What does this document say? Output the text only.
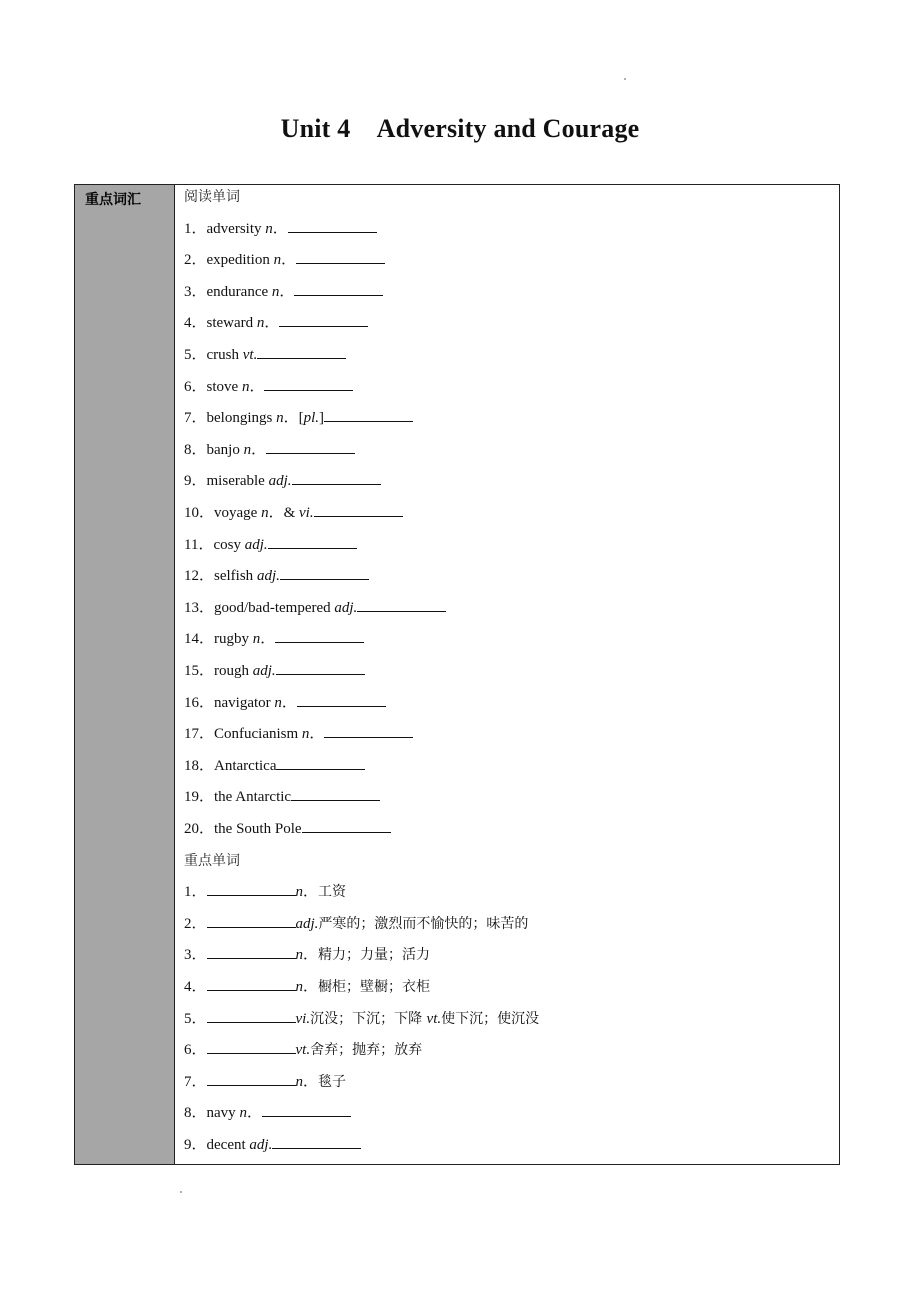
Unit 4　Adversity and Courage
重点词汇	阅读单词
1．adversity n．
2．expedition n．
3．endurance n．
4．steward n．
5．crush vt.
6．stove n．
7．belongings n．[pl.]
8．banjo n．
9．miserable adj.
10．voyage n．& vi.
11．cosy adj.
12．selfish adj.
13．good/bad-tempered adj.
14．rugby n．
15．rough adj.
16．navigator n．
17．Confucianism n．
18．Antarctica
19．the Antarctic
20．the South Pole
重点单词
1．	n．工资
2．	adj.严寒的；激烈而不愉快的；味苦的
3．	n．精力；力量；活力
4．	n．橱柜；壁橱；衣柜
5．	vi.沉没；下沉；下降 vt.使下沉；使沉没
6．	vt.舍弃；抛弃；放弃
7．	n．毯子
8．navy n．
9．decent adj.
